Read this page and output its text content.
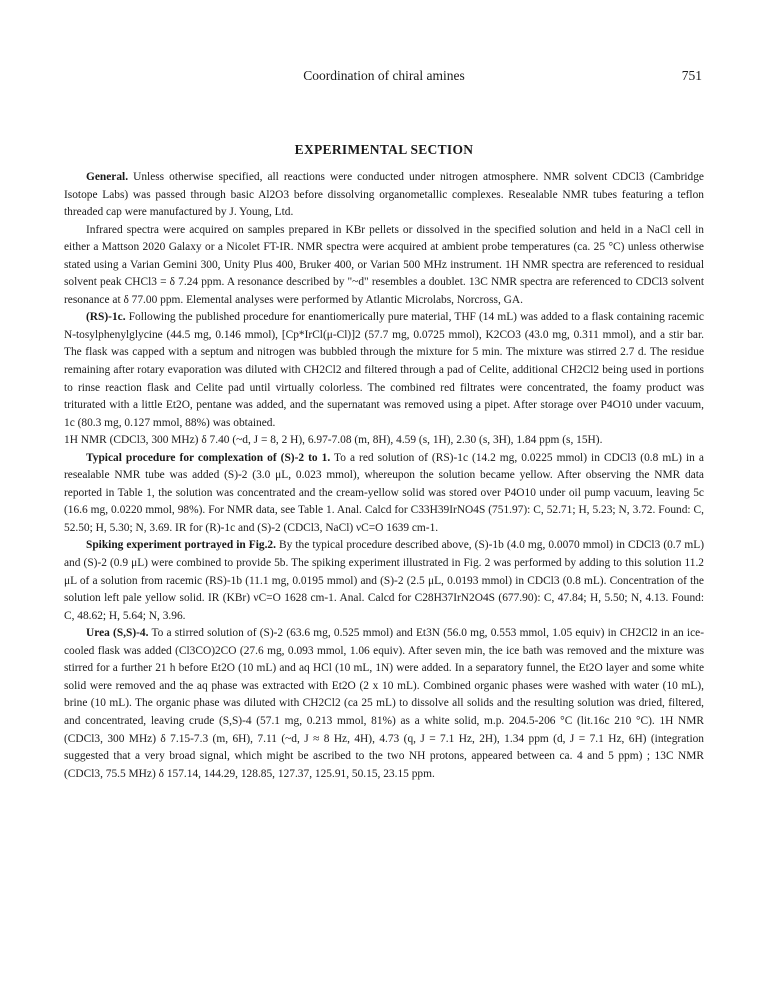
Coordination of chiral amines	751
EXPERIMENTAL SECTION

General. Unless otherwise specified, all reactions were conducted under nitrogen atmosphere. NMR solvent CDCl3 (Cambridge Isotope Labs) was passed through basic Al2O3 before dissolving organometallic complexes. Resealable NMR tubes featuring a teflon threaded cap were manufactured by J. Young, Ltd.

Infrared spectra were acquired on samples prepared in KBr pellets or dissolved in the specified solution and held in a NaCl cell in either a Mattson 2020 Galaxy or a Nicolet FT-IR. NMR spectra were acquired at ambient probe temperatures (ca. 25 °C) unless otherwise stated using a Varian Gemini 300, Unity Plus 400, Bruker 400, or Varian 500 MHz instrument. 1H NMR spectra are referenced to residual solvent peak CHCl3 = δ 7.24 ppm. A resonance described by "~d" resembles a doublet. 13C NMR spectra are referenced to CDCl3 solvent resonance at δ 77.00 ppm. Elemental analyses were performed by Atlantic Microlabs, Norcross, GA.

(RS)-1c. Following the published procedure for enantiomerically pure material, THF (14 mL) was added to a flask containing racemic N-tosylphenylglycine (44.5 mg, 0.146 mmol), [Cp*IrCl(μ-Cl)]2 (57.7 mg, 0.0725 mmol), K2CO3 (43.0 mg, 0.311 mmol), and a stir bar. The flask was capped with a septum and nitrogen was bubbled through the mixture for 5 min. The mixture was stirred 2.7 d. The residue remaining after rotary evaporation was diluted with CH2Cl2 and filtered through a pad of Celite, additional CH2Cl2 being used in portions to rinse reaction flask and Celite pad until virtually colorless. The combined red filtrates were concentrated, the foamy product was triturated with a little Et2O, pentane was added, and the supernatant was removed using a pipet. After storage over P4O10 under vacuum, 1c (80.3 mg, 0.127 mmol, 88%) was obtained.

1H NMR (CDCl3, 300 MHz) δ 7.40 (~d, J = 8, 2 H), 6.97-7.08 (m, 8H), 4.59 (s, 1H), 2.30 (s, 3H), 1.84 ppm (s, 15H).

Typical procedure for complexation of (S)-2 to 1. To a red solution of (RS)-1c (14.2 mg, 0.0225 mmol) in CDCl3 (0.8 mL) in a resealable NMR tube was added (S)-2 (3.0 μL, 0.023 mmol), whereupon the solution became yellow. After observing the NMR data reported in Table 1, the solution was concentrated and the cream-yellow solid was stored over P4O10 under oil pump vacuum, leaving 5c (16.6 mg, 0.0220 mmol, 98%). For NMR data, see Table 1. Anal. Calcd for C33H39IrNO4S (751.97): C, 52.71; H, 5.23; N, 3.72. Found: C, 52.50; H, 5.30; N, 3.69. IR for (R)-1c and (S)-2 (CDCl3, NaCl) νC=O 1639 cm-1.

Spiking experiment portrayed in Fig.2. By the typical procedure described above, (S)-1b (4.0 mg, 0.0070 mmol) in CDCl3 (0.7 mL) and (S)-2 (0.9 μL) were combined to provide 5b. The spiking experiment illustrated in Fig. 2 was performed by adding to this solution 11.2 μL of a solution from racemic (RS)-1b (11.1 mg, 0.0195 mmol) and (S)-2 (2.5 μL, 0.0193 mmol) in CDCl3 (0.8 mL). Concentration of the solution left pale yellow solid. IR (KBr) νC=O 1628 cm-1. Anal. Calcd for C28H37IrN2O4S (677.90): C, 47.84; H, 5.50; N, 4.13. Found: C, 48.62; H, 5.64; N, 3.96.

Urea (S,S)-4. To a stirred solution of (S)-2 (63.6 mg, 0.525 mmol) and Et3N (56.0 mg, 0.553 mmol, 1.05 equiv) in CH2Cl2 in an ice-cooled flask was added (Cl3CO)2CO (27.6 mg, 0.093 mmol, 1.06 equiv). After seven min, the ice bath was removed and the mixture was stirred for a further 21 h before Et2O (10 mL) and aq HCl (10 mL, 1N) were added. In a separatory funnel, the Et2O layer and some white solid were removed and the aq phase was extracted with Et2O (2 x 10 mL). Combined organic phases were washed with water (10 mL), brine (10 mL). The organic phase was diluted with CH2Cl2 (ca 25 mL) to dissolve all solids and the resulting solution was dried, filtered, and concentrated, leaving crude (S,S)-4 (57.1 mg, 0.213 mmol, 81%) as a white solid, m.p. 204.5-206 °C (lit.16c 210 °C). 1H NMR (CDCl3, 300 MHz) δ 7.15-7.3 (m, 6H), 7.11 (~d, J ≈ 8 Hz, 4H), 4.73 (q, J = 7.1 Hz, 2H), 1.34 ppm (d, J = 7.1 Hz, 6H) (integration suggested that a very broad signal, which might be ascribed to the two NH protons, appeared between ca. 4 and 5 ppm) ; 13C NMR (CDCl3, 75.5 MHz) δ 157.14, 144.29, 128.85, 127.37, 125.91, 50.15, 23.15 ppm.
